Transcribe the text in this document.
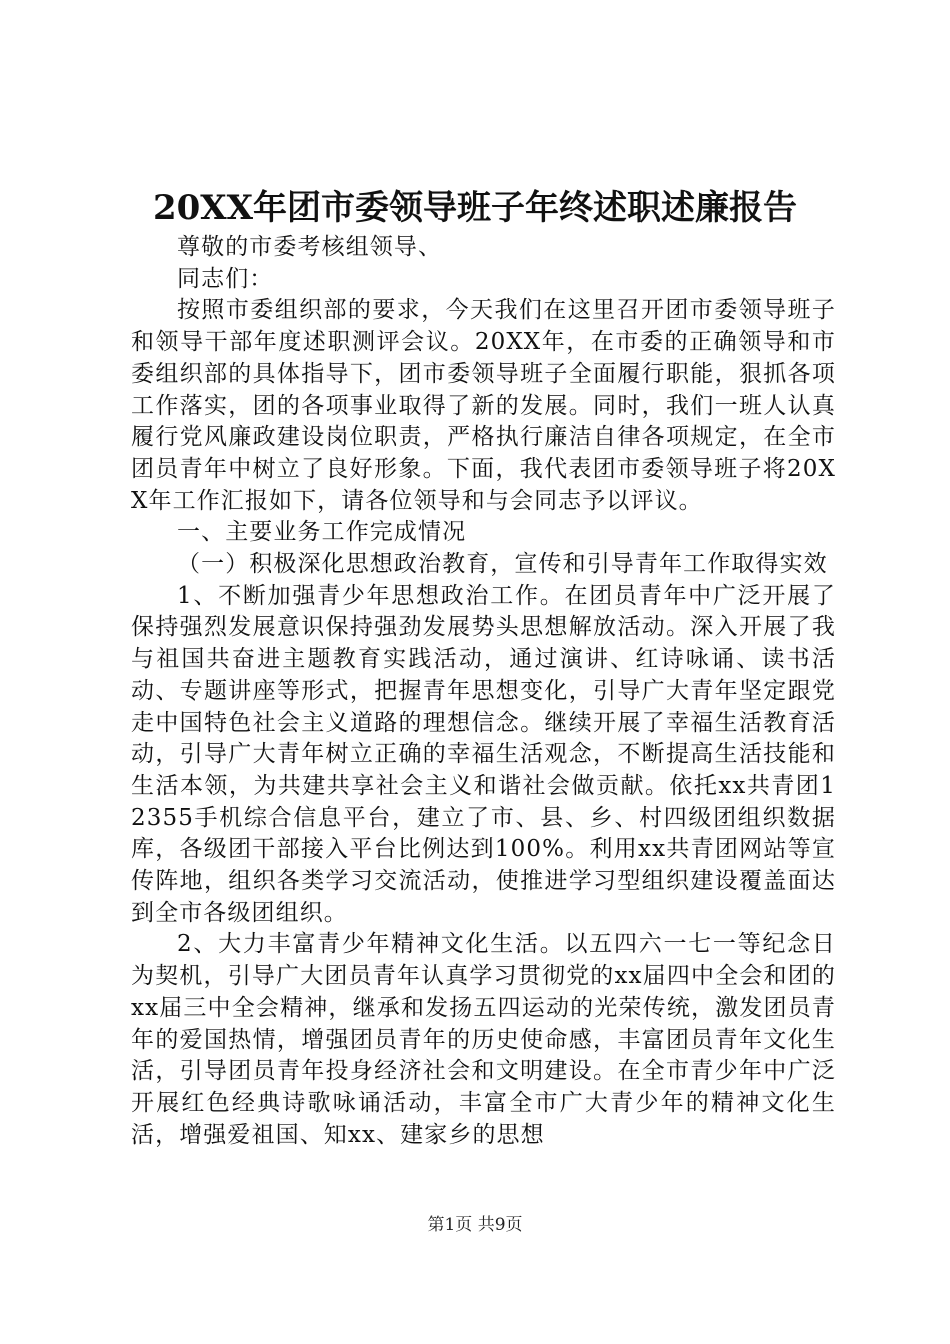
20XX年团市委领导班子年终述职述廉报告

尊敬的市委考核组领导、

同志们：

按照市委组织部的要求，今天我们在这里召开团市委领导班子和领导干部年度述职测评会议。20XX年，在市委的正确领导和市委组织部的具体指导下，团市委领导班子全面履行职能，狠抓各项工作落实，团的各项事业取得了新的发展。同时，我们一班人认真履行党风廉政建设岗位职责，严格执行廉洁自律各项规定，在全市团员青年中树立了良好形象。下面，我代表团市委领导班子将20XX年工作汇报如下，请各位领导和与会同志予以评议。

一、主要业务工作完成情况

（一）积极深化思想政治教育，宣传和引导青年工作取得实效

1、不断加强青少年思想政治工作。在团员青年中广泛开展了保持强烈发展意识保持强劲发展势头思想解放活动。深入开展了我与祖国共奋进主题教育实践活动，通过演讲、红诗咏诵、读书活动、专题讲座等形式，把握青年思想变化，引导广大青年坚定跟党走中国特色社会主义道路的理想信念。继续开展了幸福生活教育活动，引导广大青年树立正确的幸福生活观念，不断提高生活技能和生活本领，为共建共享社会主义和谐社会做贡献。依托xx共青团12355手机综合信息平台，建立了市、县、乡、村四级团组织数据库，各级团干部接入平台比例达到100%。利用xx共青团网站等宣传阵地，组织各类学习交流活动，使推进学习型组织建设覆盖面达到全市各级团组织。

2、大力丰富青少年精神文化生活。以五四六一七一等纪念日为契机，引导广大团员青年认真学习贯彻党的xx届四中全会和团的xx届三中全会精神，继承和发扬五四运动的光荣传统，激发团员青年的爱国热情，增强团员青年的历史使命感，丰富团员青年文化生活，引导团员青年投身经济社会和文明建设。在全市青少年中广泛开展红色经典诗歌咏诵活动，丰富全市广大青少年的精神文化生活，增强爱祖国、知xx、建家乡的思想

第1页 共9页
